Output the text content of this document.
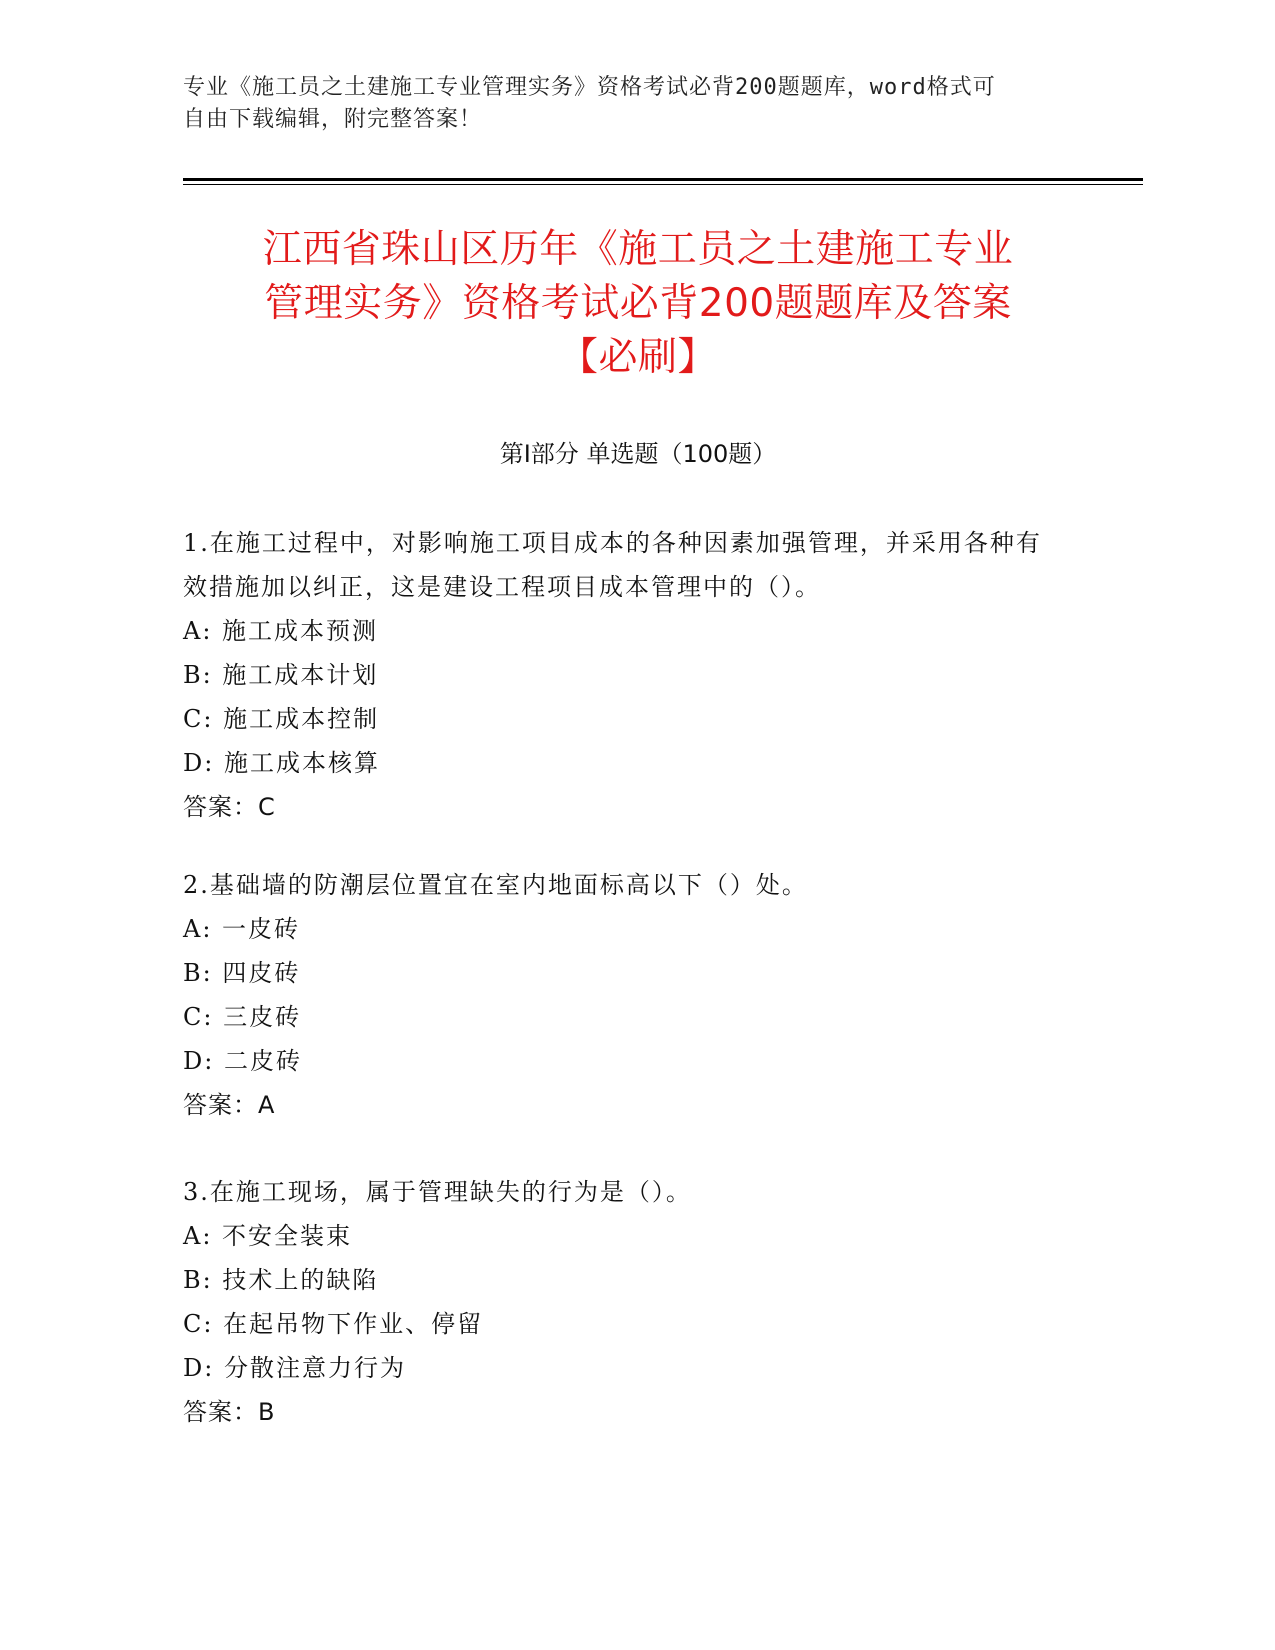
专业《施工员之土建施工专业管理实务》资格考试必背200题题库，word格式可
自由下载编辑，附完整答案！
江西省珠山区历年《施工员之土建施工专业
管理实务》资格考试必背200题题库及答案
【必刷】
第Ⅰ部分 单选题（100题）
1.在施工过程中，对影响施工项目成本的各种因素加强管理，并采用各种有效措施加以纠正，这是建设工程项目成本管理中的（）。
A: 施工成本预测
B: 施工成本计划
C: 施工成本控制
D: 施工成本核算
答案：C
2.基础墙的防潮层位置宜在室内地面标高以下（）处。
A: 一皮砖
B: 四皮砖
C: 三皮砖
D: 二皮砖
答案：A
3.在施工现场，属于管理缺失的行为是（）。
A: 不安全装束
B: 技术上的缺陷
C: 在起吊物下作业、停留
D: 分散注意力行为
答案：B
